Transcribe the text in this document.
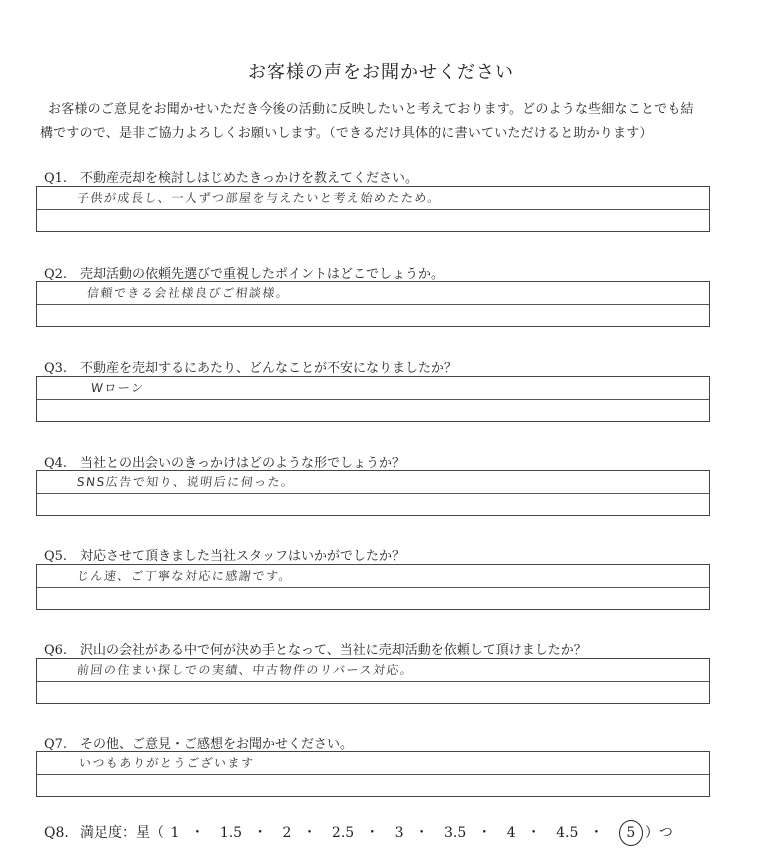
お客様の声をお聞かせください
お客様のご意見をお聞かせいただき今後の活動に反映したいと考えております。どのような些細なことでも結
構ですので、是非ご協力よろしくお願いします。（できるだけ具体的に書いていただけると助かります）
Q1. 不動産売却を検討しはじめたきっかけを教えてください。
子供が成長し、一人ずつ部屋を与えたいと考え始めたため。
Q2. 売却活動の依頼先選びで重視したポイントはどこでしょうか。
信頼できる会社様良びご相談様。
Q3. 不動産を売却するにあたり、どんなことが不安になりましたか？
Wローン
Q4. 当社との出会いのきっかけはどのような形でしょうか？
SNS広告で知り、说明后に伺った。
Q5. 対応させて頂きました当社スタッフはいかがでしたか？
じん速、ご丁寧な対応に感謝です。
Q6. 沢山の会社がある中で何が決め手となって、当社に売却活動を依頼して頂けましたか？
前回の住まい探しでの実績、中古物件のリバース対応。
Q7. その他、ご意見・ご感想をお聞かせください。
いつもありがとうございます
Q8. 満足度：星（ 1 ・ 1.5 ・ 2 ・ 2.5 ・ 3 ・ 3.5 ・ 4 ・ 4.5 ・ 5 ）つ
